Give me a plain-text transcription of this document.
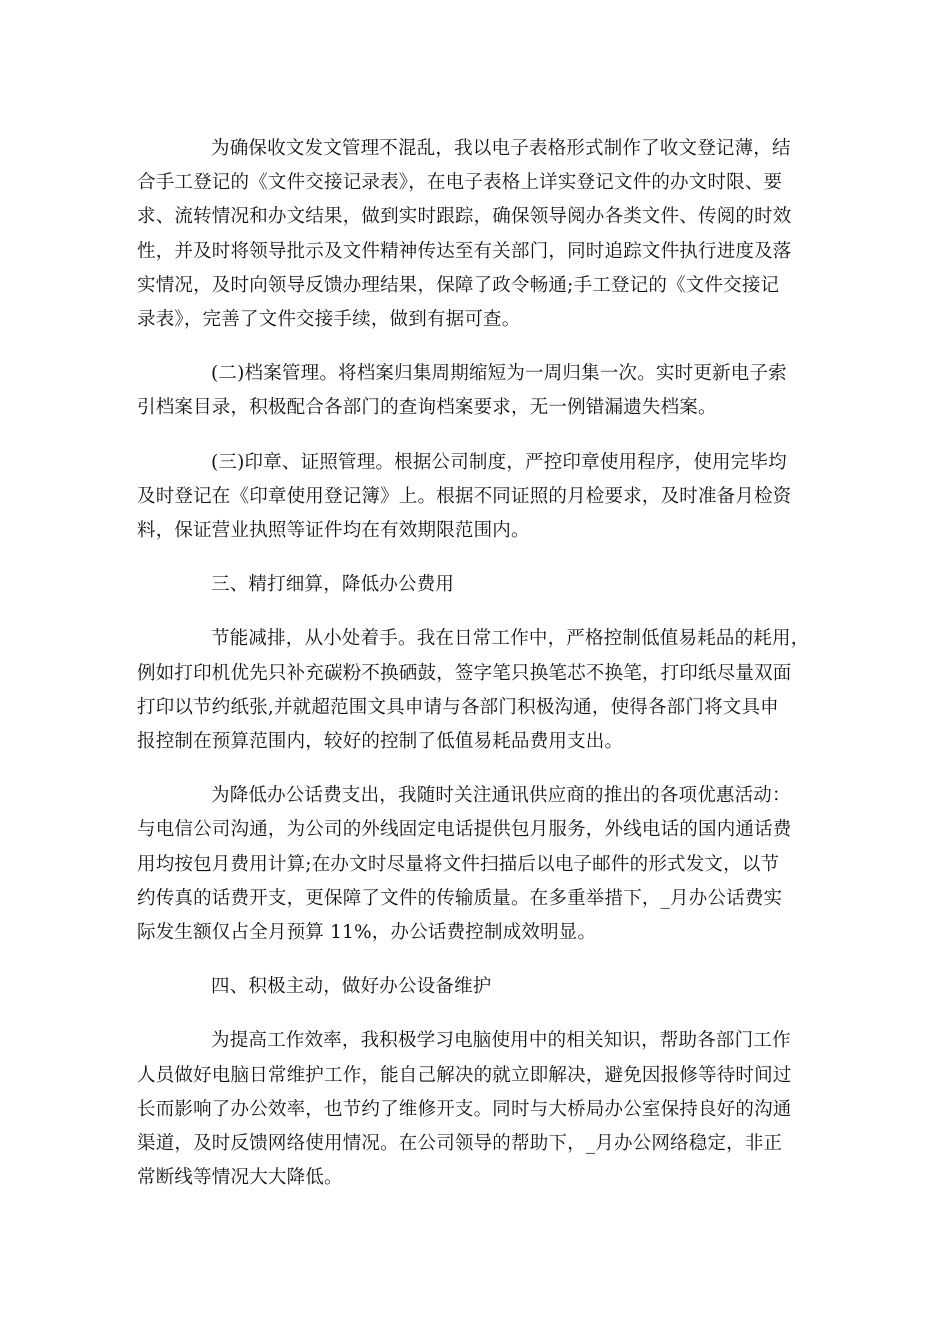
为确保收文发文管理不混乱，我以电子表格形式制作了收文登记薄，结
合手工登记的《文件交接记录表》，在电子表格上详实登记文件的办文时限、要
求、流转情况和办文结果，做到实时跟踪，确保领导阅办各类文件、传阅的时效
性，并及时将领导批示及文件精神传达至有关部门，同时追踪文件执行进度及落
实情况，及时向领导反馈办理结果，保障了政令畅通;手工登记的《文件交接记
录表》，完善了文件交接手续，做到有据可查。

(二)档案管理。将档案归集周期缩短为一周归集一次。实时更新电子索
引档案目录，积极配合各部门的查询档案要求，无一例错漏遗失档案。

(三)印章、证照管理。根据公司制度，严控印章使用程序，使用完毕均
及时登记在《印章使用登记簿》上。根据不同证照的月检要求，及时准备月检资
料，保证营业执照等证件均在有效期限范围内。

三、精打细算，降低办公费用

节能减排，从小处着手。我在日常工作中，严格控制低值易耗品的耗用，
例如打印机优先只补充碳粉不换硒鼓，签字笔只换笔芯不换笔，打印纸尽量双面
打印以节约纸张,并就超范围文具申请与各部门积极沟通，使得各部门将文具申
报控制在预算范围内，较好的控制了低值易耗品费用支出。

为降低办公话费支出，我随时关注通讯供应商的推出的各项优惠活动：
与电信公司沟通，为公司的外线固定电话提供包月服务，外线电话的国内通话费
用均按包月费用计算;在办文时尽量将文件扫描后以电子邮件的形式发文，以节
约传真的话费开支，更保障了文件的传输质量。在多重举措下，_月办公话费实
际发生额仅占全月预算 11%，办公话费控制成效明显。

四、积极主动，做好办公设备维护

为提高工作效率，我积极学习电脑使用中的相关知识，帮助各部门工作
人员做好电脑日常维护工作，能自己解决的就立即解决，避免因报修等待时间过
长而影响了办公效率，也节约了维修开支。同时与大桥局办公室保持良好的沟通
渠道，及时反馈网络使用情况。在公司领导的帮助下，_月办公网络稳定，非正
常断线等情况大大降低。
